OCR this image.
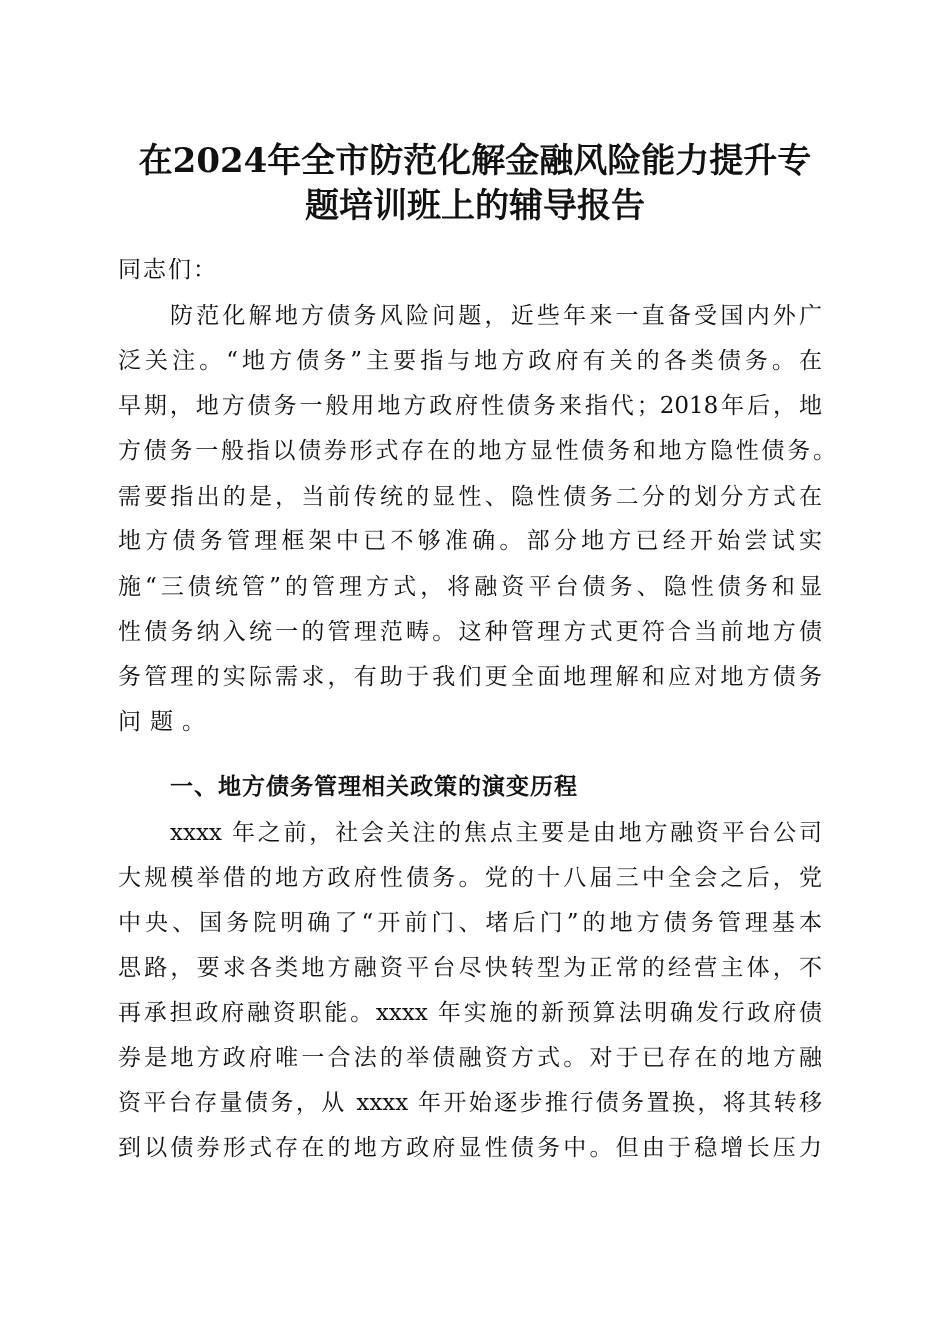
在2024年全市防范化解金融风险能力提升专
题培训班上的辅导报告
同志们：
防范化解地方债务风险问题，近些年来一直备受国内外广
泛关注。“地方债务”主要指与地方政府有关的各类债务。在
早期，地方债务一般用地方政府性债务来指代；2018年后，地
方债务一般指以债券形式存在的地方显性债务和地方隐性债务。
需要指出的是，当前传统的显性、隐性债务二分的划分方式在
地方债务管理框架中已不够准确。部分地方已经开始尝试实
施“三债统管”的管理方式，将融资平台债务、隐性债务和显
性债务纳入统一的管理范畴。这种管理方式更符合当前地方债
务管理的实际需求，有助于我们更全面地理解和应对地方债务
问题。
一、地方债务管理相关政策的演变历程
xxxx 年之前，社会关注的焦点主要是由地方融资平台公司
大规模举借的地方政府性债务。党的十八届三中全会之后，党
中央、国务院明确了“开前门、堵后门”的地方债务管理基本
思路，要求各类地方融资平台尽快转型为正常的经营主体，不
再承担政府融资职能。xxxx 年实施的新预算法明确发行政府债
券是地方政府唯一合法的举债融资方式。对于已存在的地方融
资平台存量债务，从 xxxx 年开始逐步推行债务置换，将其转移
到以债券形式存在的地方政府显性债务中。但由于稳增长压力
